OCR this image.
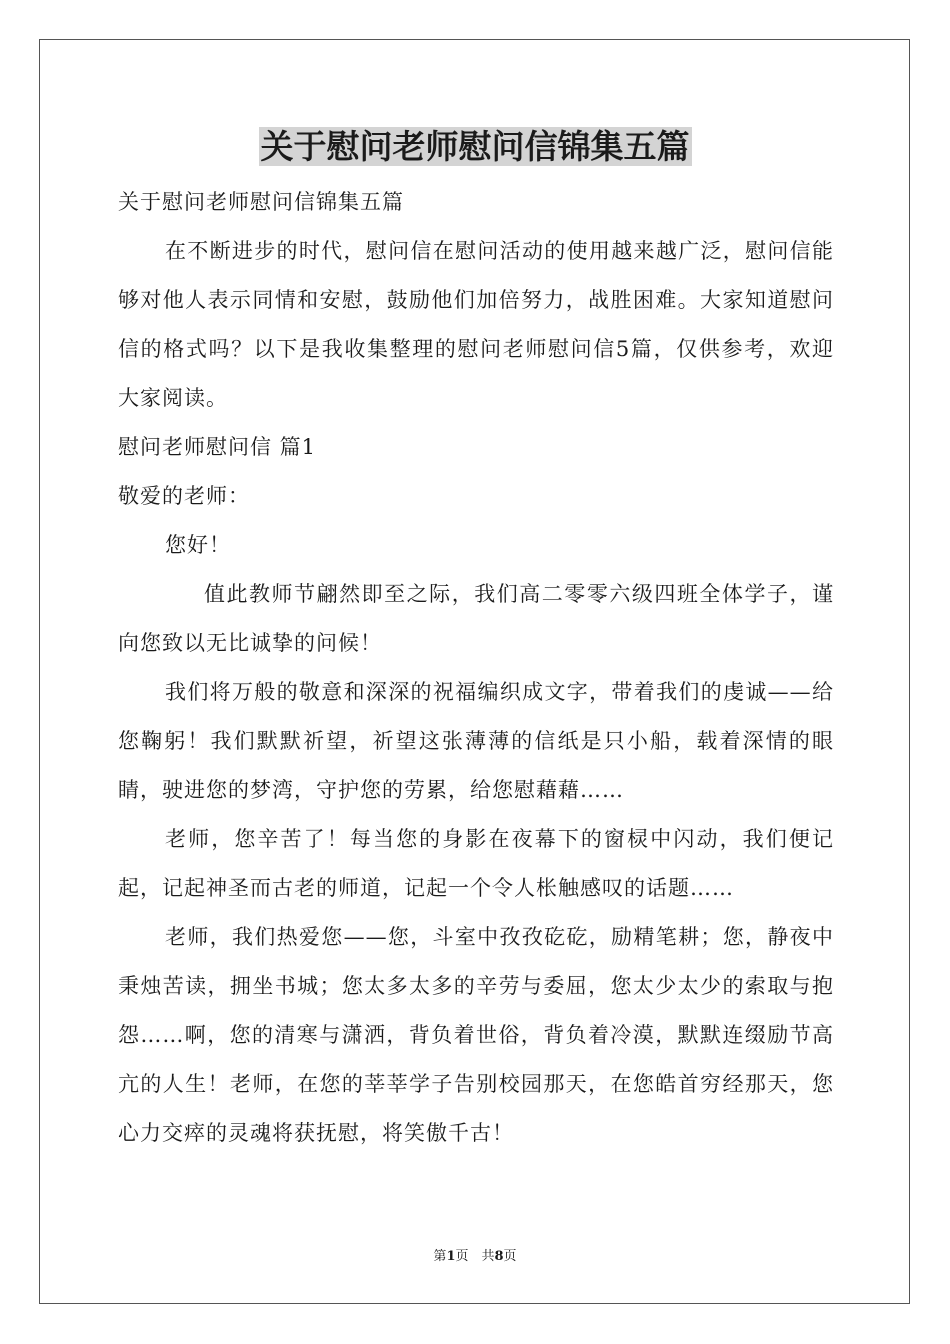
关于慰问老师慰问信锦集五篇

关于慰问老师慰问信锦集五篇

在不断进步的时代，慰问信在慰问活动的使用越来越广泛，慰问信能够对他人表示同情和安慰，鼓励他们加倍努力，战胜困难。大家知道慰问信的格式吗？以下是我收集整理的慰问老师慰问信5篇，仅供参考，欢迎大家阅读。

慰问老师慰问信 篇1

敬爱的老师：

您好！

值此教师节翩然即至之际，我们高二零零六级四班全体学子，谨向您致以无比诚挚的问候！

我们将万般的敬意和深深的祝福编织成文字，带着我们的虔诚——给您鞠躬！我们默默祈望，祈望这张薄薄的信纸是只小船，载着深情的眼睛，驶进您的梦湾，守护您的劳累，给您慰藉藉……

老师，您辛苦了！每当您的身影在夜幕下的窗棂中闪动，我们便记起，记起神圣而古老的师道，记起一个令人枨触感叹的话题……

老师，我们热爱您——您，斗室中孜孜矻矻，励精笔耕；您，静夜中秉烛苦读，拥坐书城；您太多太多的辛劳与委屈，您太少太少的索取与抱怨……啊，您的清寒与潇洒，背负着世俗，背负着冷漠，默默连缀励节高亢的人生！老师，在您的莘莘学子告别校园那天，在您皓首穷经那天，您心力交瘁的灵魂将获抚慰，将笑傲千古！

第1页　共8页
